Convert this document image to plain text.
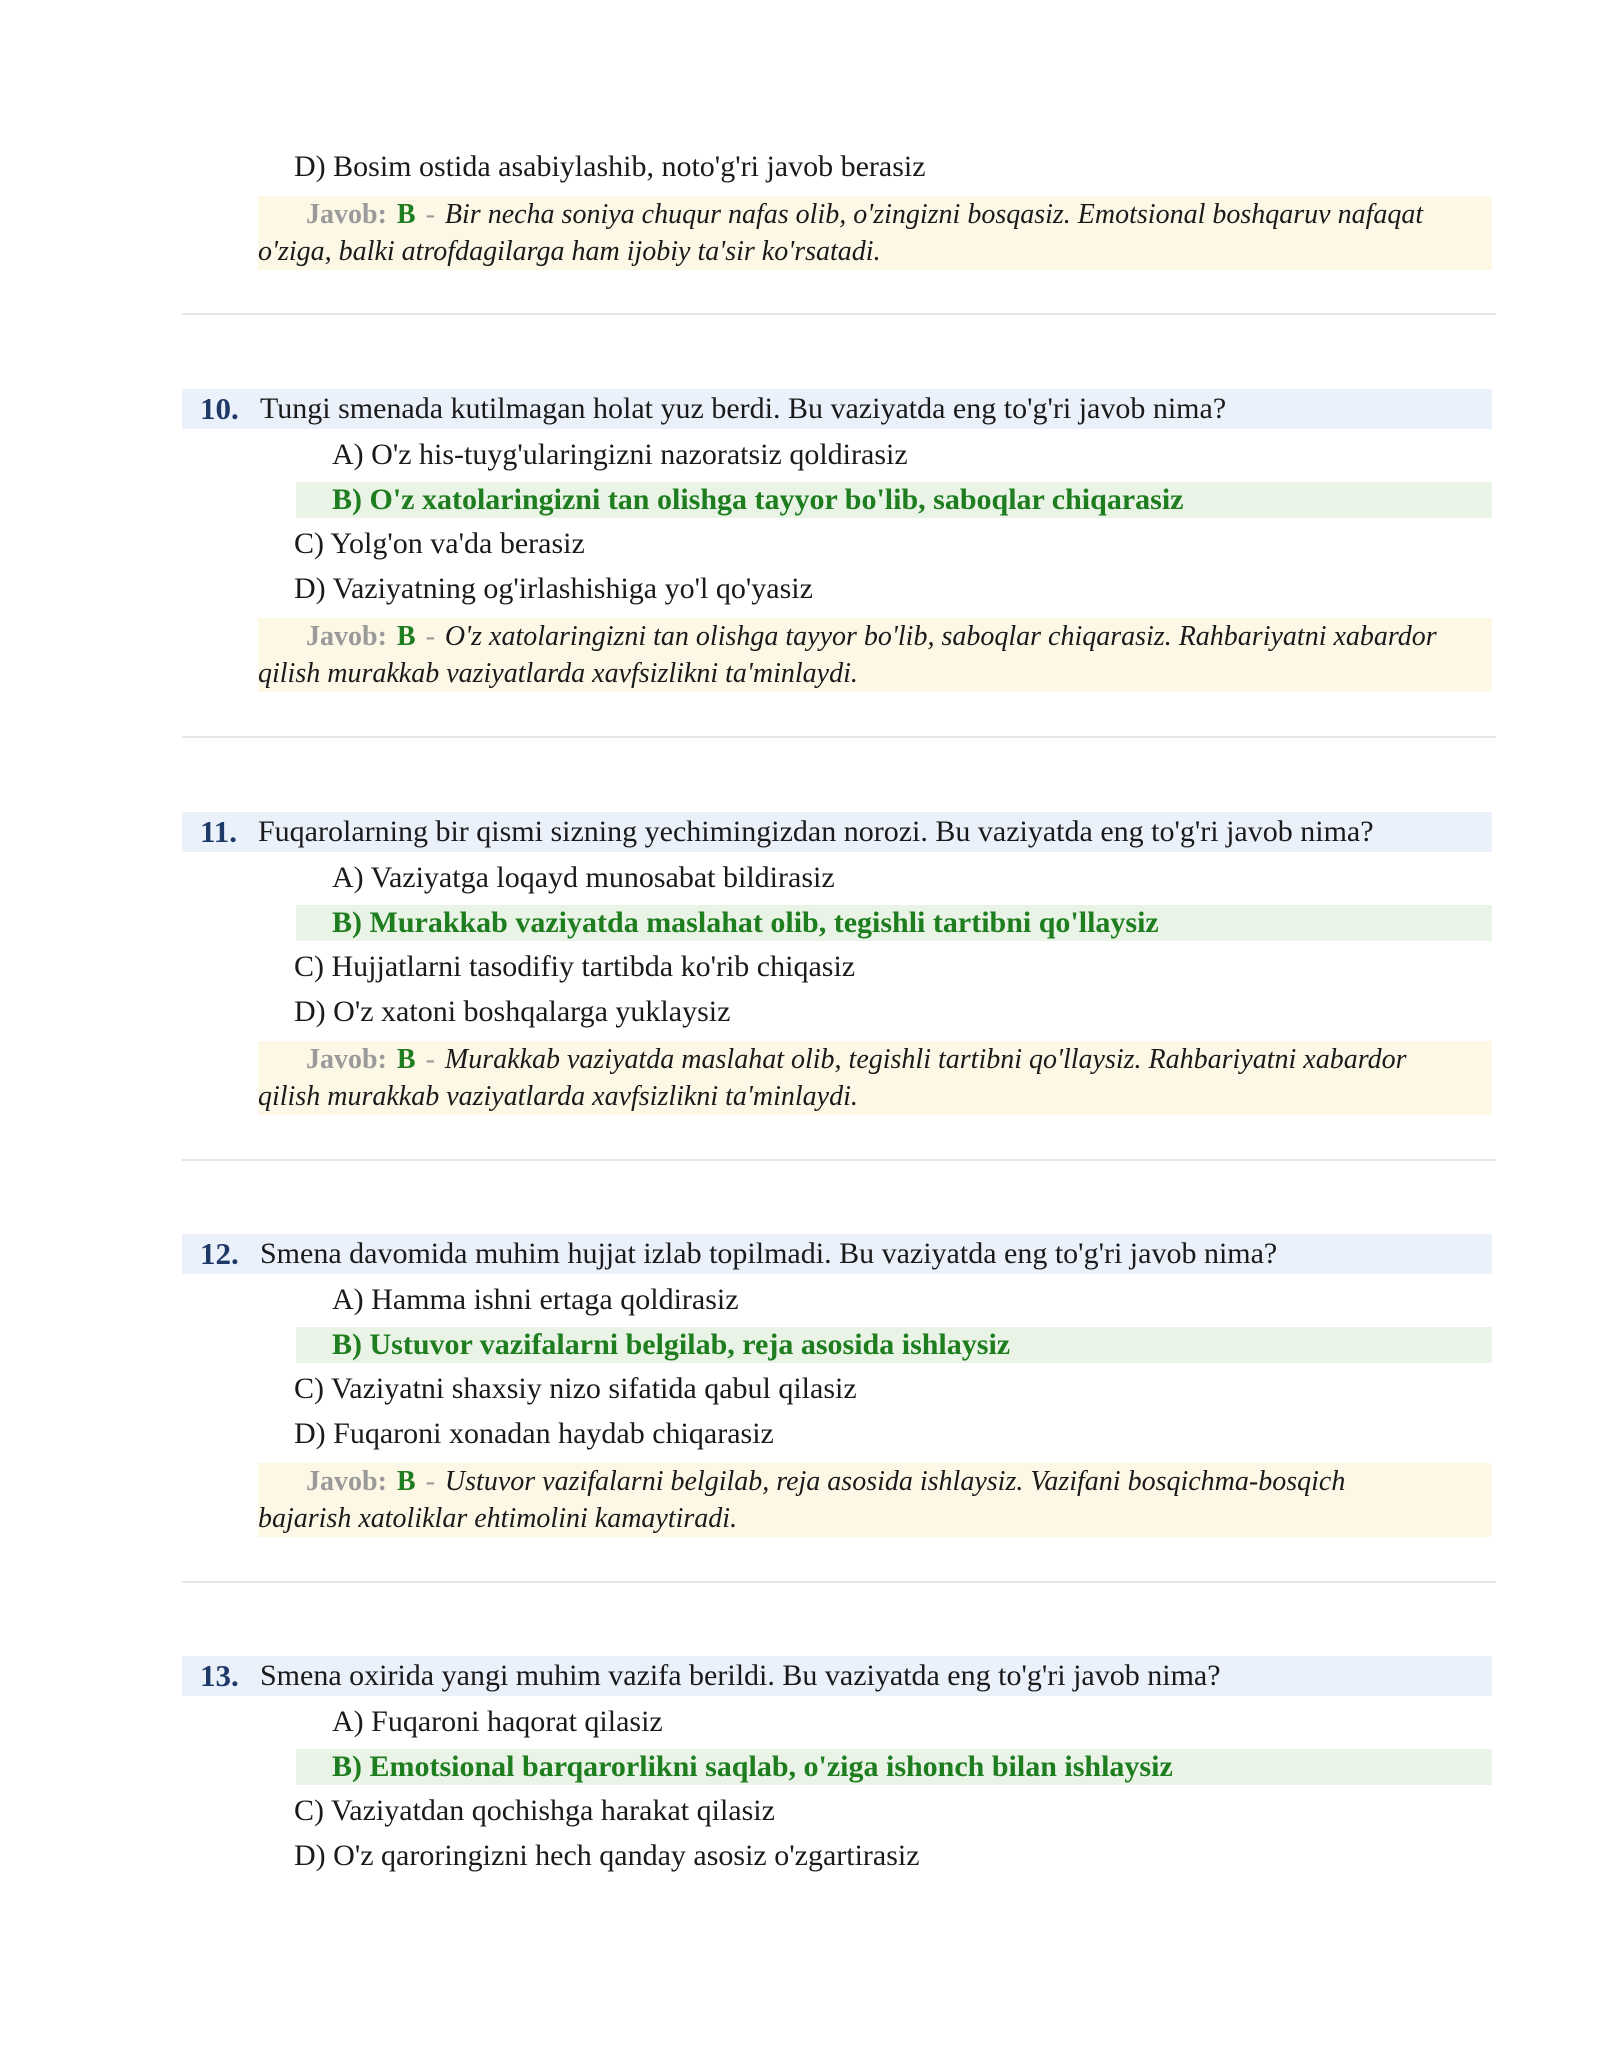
D) Bosim ostida asabiylashib, noto'g'ri javob berasiz
Javob: B - Bir necha soniya chuqur nafas olib, o'zingizni bosqasiz. Emotsional boshqaruv nafaqat
o'ziga, balki atrofdagilarga ham ijobiy ta'sir ko'rsatadi.
10. Tungi smenada kutilmagan holat yuz berdi. Bu vaziyatda eng to'g'ri javob nima?
A) O'z his-tuyg'ularingizni nazoratsiz qoldirasiz
B) O'z xatolaringizni tan olishga tayyor bo'lib, saboqlar chiqarasiz
C) Yolg'on va'da berasiz
D) Vaziyatning og'irlashishiga yo'l qo'yasiz
Javob: B - O'z xatolaringizni tan olishga tayyor bo'lib, saboqlar chiqarasiz. Rahbariyatni xabardor
qilish murakkab vaziyatlarda xavfsizlikni ta'minlaydi.
11. Fuqarolarning bir qismi sizning yechimingizdan norozi. Bu vaziyatda eng to'g'ri javob nima?
A) Vaziyatga loqayd munosabat bildirasiz
B) Murakkab vaziyatda maslahat olib, tegishli tartibni qo'llaysiz
C) Hujjatlarni tasodifiy tartibda ko'rib chiqasiz
D) O'z xatoni boshqalarga yuklaysiz
Javob: B - Murakkab vaziyatda maslahat olib, tegishli tartibni qo'llaysiz. Rahbariyatni xabardor
qilish murakkab vaziyatlarda xavfsizlikni ta'minlaydi.
12. Smena davomida muhim hujjat izlab topilmadi. Bu vaziyatda eng to'g'ri javob nima?
A) Hamma ishni ertaga qoldirasiz
B) Ustuvor vazifalarni belgilab, reja asosida ishlaysiz
C) Vaziyatni shaxsiy nizo sifatida qabul qilasiz
D) Fuqaroni xonadan haydab chiqarasiz
Javob: B - Ustuvor vazifalarni belgilab, reja asosida ishlaysiz. Vazifani bosqichma-bosqich
bajarish xatoliklar ehtimolini kamaytiradi.
13. Smena oxirida yangi muhim vazifa berildi. Bu vaziyatda eng to'g'ri javob nima?
A) Fuqaroni haqorat qilasiz
B) Emotsional barqarorlikni saqlab, o'ziga ishonch bilan ishlaysiz
C) Vaziyatdan qochishga harakat qilasiz
D) O'z qaroringizni hech qanday asosiz o'zgartirasiz
